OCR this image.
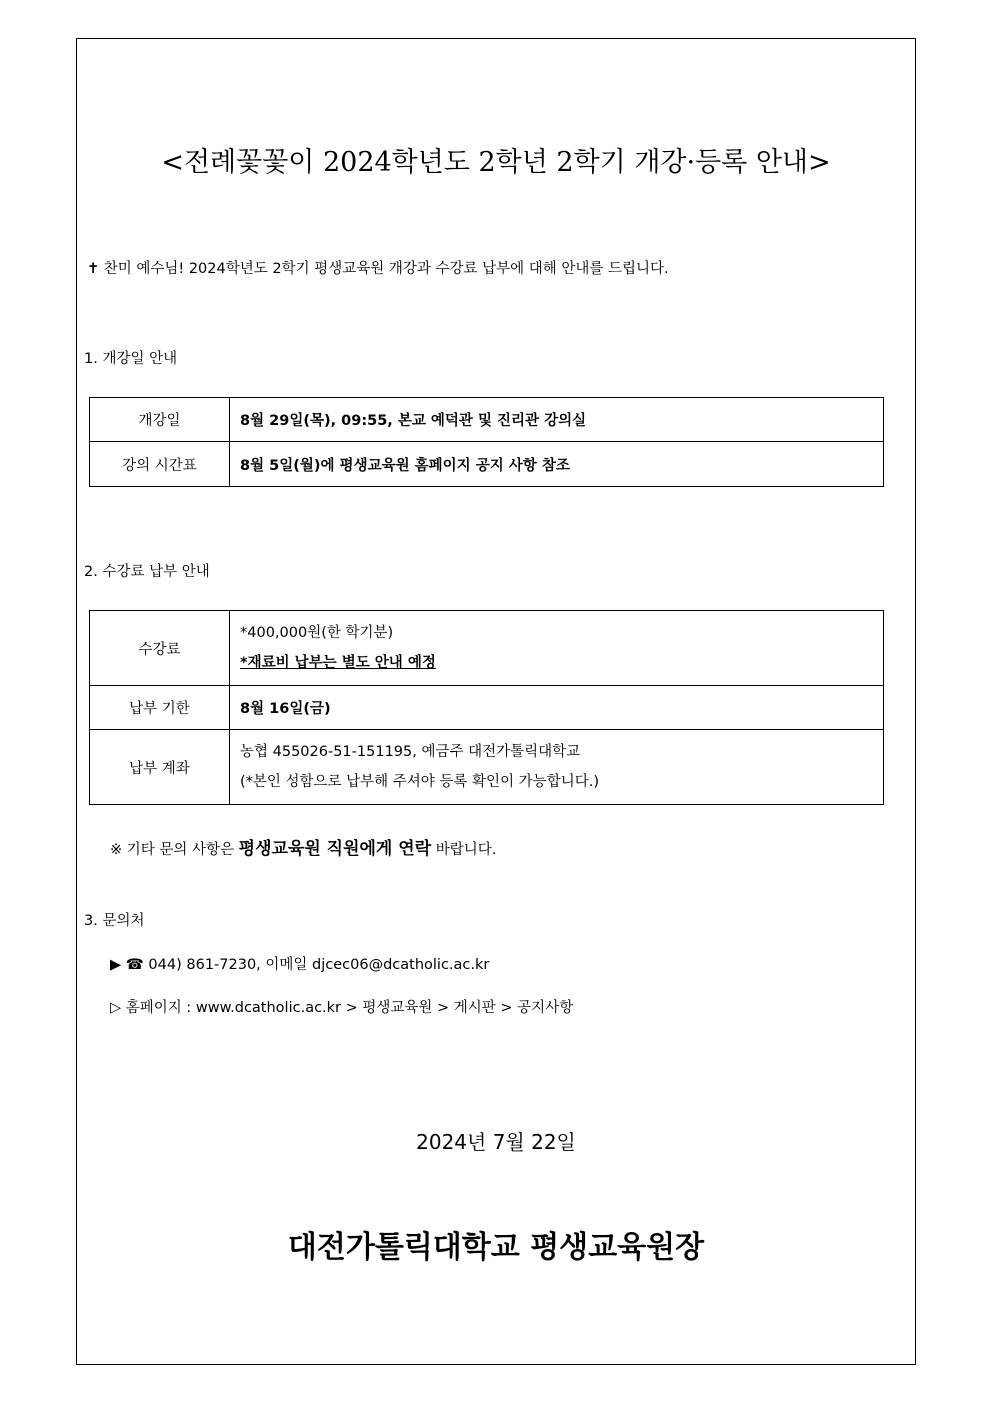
<전례꽃꽃이 2024학년도 2학년 2학기 개강·등록 안내>
✝ 찬미 예수님! 2024학년도 2학기 평생교육원 개강과 수강료 납부에 대해 안내를 드립니다.
1. 개강일 안내
개강일	8월 29일(목), 09:55, 본교 예덕관 및 진리관 강의실
강의 시간표	8월 5일(월)에 평생교육원 홈페이지 공지 사항 참조
2. 수강료 납부 안내
수강료	*400,000원(한 학기분)
*재료비 납부는 별도 안내 예정

납부 기한	8월 16일(금)
납부 계좌	농협 455026-51-151195, 예금주 대전가톨릭대학교
(*본인 성함으로 납부해 주셔야 등록 확인이 가능합니다.)
※ 기타 문의 사항은 평생교육원 직원에게 연락 바랍니다.
3. 문의처
▶ ☎ 044) 861-7230, 이메일 djcec06@dcatholic.ac.kr
▷ 홈페이지 : www.dcatholic.ac.kr > 평생교육원 > 게시판 > 공지사항
2024년 7월 22일
대전가톨릭대학교 평생교육원장
